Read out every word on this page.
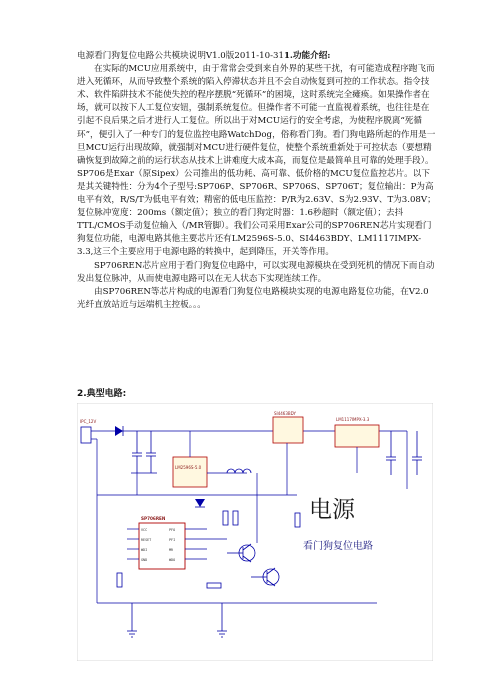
电源看门狗复位电路公共模块说明V1.0版2011-10-311.功能介绍:

在实际的MCU应用系统中，由于常常会受到来自外界的某些干扰，有可能造成程序跑飞而进入死循环，从而导致整个系统的陷入停滞状态并且不会自动恢复到可控的工作状态。指令技术、软件陷阱技术不能使失控的程序摆脱“死循环”的困境，这时系统完全瘫痪。如果操作者在场，就可以按下人工复位安钮，强制系统复位。但操作者不可能一直监视着系统，也往往是在引起不良后果之后才进行人工复位。所以出于对MCU运行的安全考虑，为使程序脱离“死循环”，便引入了一种专门的复位监控电路WatchDog，俗称看门狗。看门狗电路所起的作用是一旦MCU运行出现故障，就强制对MCU进行硬件复位，使整个系统重新处于可控状态（要想精确恢复到故障之前的运行状态从技术上讲难度大成本高，而复位是最简单且可靠的处理手段）。SP706是Exar（原Sipex）公司推出的低功耗、高可靠、低价格的MCU复位监控芯片。以下是其关键特性：分为4个子型号:SP706P、SP706R、SP706S、SP706T；复位输出：P为高电平有效，R/S/T为低电平有效；精密的低电压监控：P/R为2.63V、S为2.93V、T为3.08V；复位脉冲宽度：200ms（额定值）；独立的看门狗定时器：1.6秒超时（额定值）；去抖TTL/CMOS手动复位输入（/MR管脚）。我们公司采用Exar公司的SP706REN芯片实现看门狗复位功能，电源电路其他主要芯片还有LM2596S-5.0、SI4463BDY、LM1117IMPX-3.3,这三个主要应用于电源电路的转换中，起到降压，开关等作用。

SP706REN芯片应用于看门狗复位电路中，可以实现电源模块在受到死机的情况下而自动发出复位脉冲，从而使电源电路可以在无人状态下实现连续工作。

由SP706REN等芯片构成的电源看门狗复位电路模块实现的电源电路复位功能，在V2.0光纤直放站近与远端机主控板。。。

2.典型电路:
IPC_12V
LM2596S-5.0
SI4463BDY
LM1117IMPX-3.3
SP706REN
VCC
RESET
WDI
GND
PFO
PFI
MR
WDO
电源
看门狗复位电路
